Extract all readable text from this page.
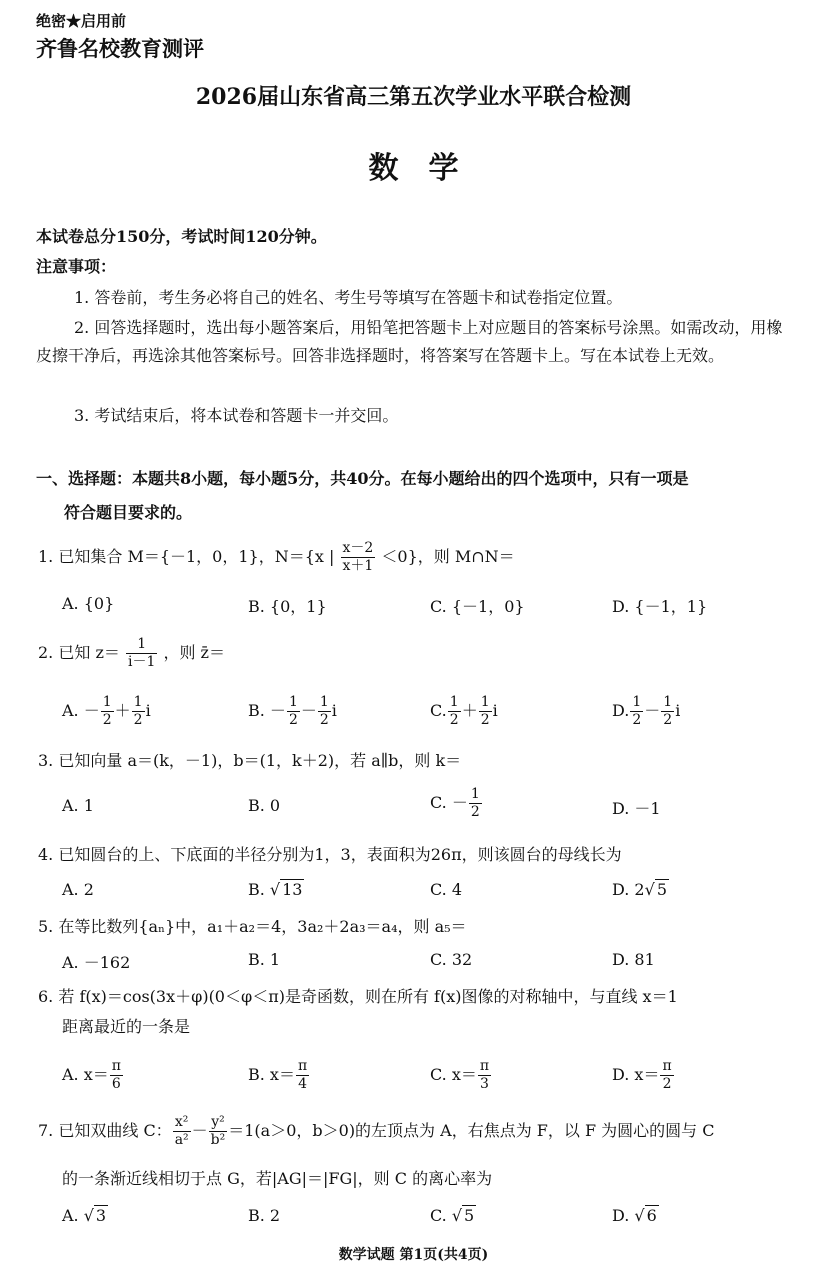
绝密★启用前
齐鲁名校教育测评
2026届山东省高三第五次学业水平联合检测
数学
本试卷总分150分，考试时间120分钟。
注意事项：
1. 答卷前，考生务必将自己的姓名、考生号等填写在答题卡和试卷指定位置。
2. 回答选择题时，选出每小题答案后，用铅笔把答题卡上对应题目的答案标号涂黑。如需改动，用橡皮擦干净后，再选涂其他答案标号。回答非选择题时，将答案写在答题卡上。写在本试卷上无效。
3. 考试结束后，将本试卷和答题卡一并交回。
一、选择题：本题共8小题，每小题5分，共40分。在每小题给出的四个选项中，只有一项是
符合题目要求的。
1. 已知集合 M＝{－1，0，1}，N＝{x | $\frac{x-2}{x+1} <0$}，则 M∩N＝
A. {0}	B. {0，1}	C. {－1，0}	D. {－1，1}
2. 已知 $z= \frac{1}{i-1}$ ，则 z̄＝
A. － $\frac{1}{2} + \frac{1}{2}$ i	B. － $\frac{1}{2} - \frac{1}{2}$ i	C. $\frac{1}{2} + \frac{1}{2}$ i	D. $\frac{1}{2} - \frac{1}{2}$ i
3. 已知向量 a＝(k，－1)，b＝(1，k＋2)，若 a∥b，则 k＝
A. 1	B. 0	C. － $\frac{1}{2}$	D. －1
4. 已知圆台的上、下底面的半径分别为1，3，表面积为26π，则该圆台的母线长为
A. 2	B. √ 13	C. 4	D. 2√ 5
5. 在等比数列{aₙ}中，a₁＋a₂＝4，3a₂＋2a₃＝a₄，则 a₅＝
A. －162	B. 1	C. 32	D. 81
6. 若 f(x)＝cos(3x＋φ)(0＜φ＜π)是奇函数，则在所有 f(x)图像的对称轴中，与直线 x＝1
距离最近的一条是
A. $x= \frac{\pi}{6}$	B. $x= \frac{\pi}{4}$	C. $x= \frac{\pi}{3}$	D. $x= \frac{\pi}{2}$
7. 已知双曲线 C： $\frac{\text{x²}}{\text{a²}} - \frac{\text{y²}}{\text{b²}} =1(a>0$，b＞0)的左顶点为 A，右焦点为 F，以 F 为圆心的圆与 C
的一条渐近线相切于点 G，若|AG|＝|FG|，则 C 的离心率为
A. √ 3	B. 2	C. √ 5	D. √ 6
数学试题 第1页(共4页)
